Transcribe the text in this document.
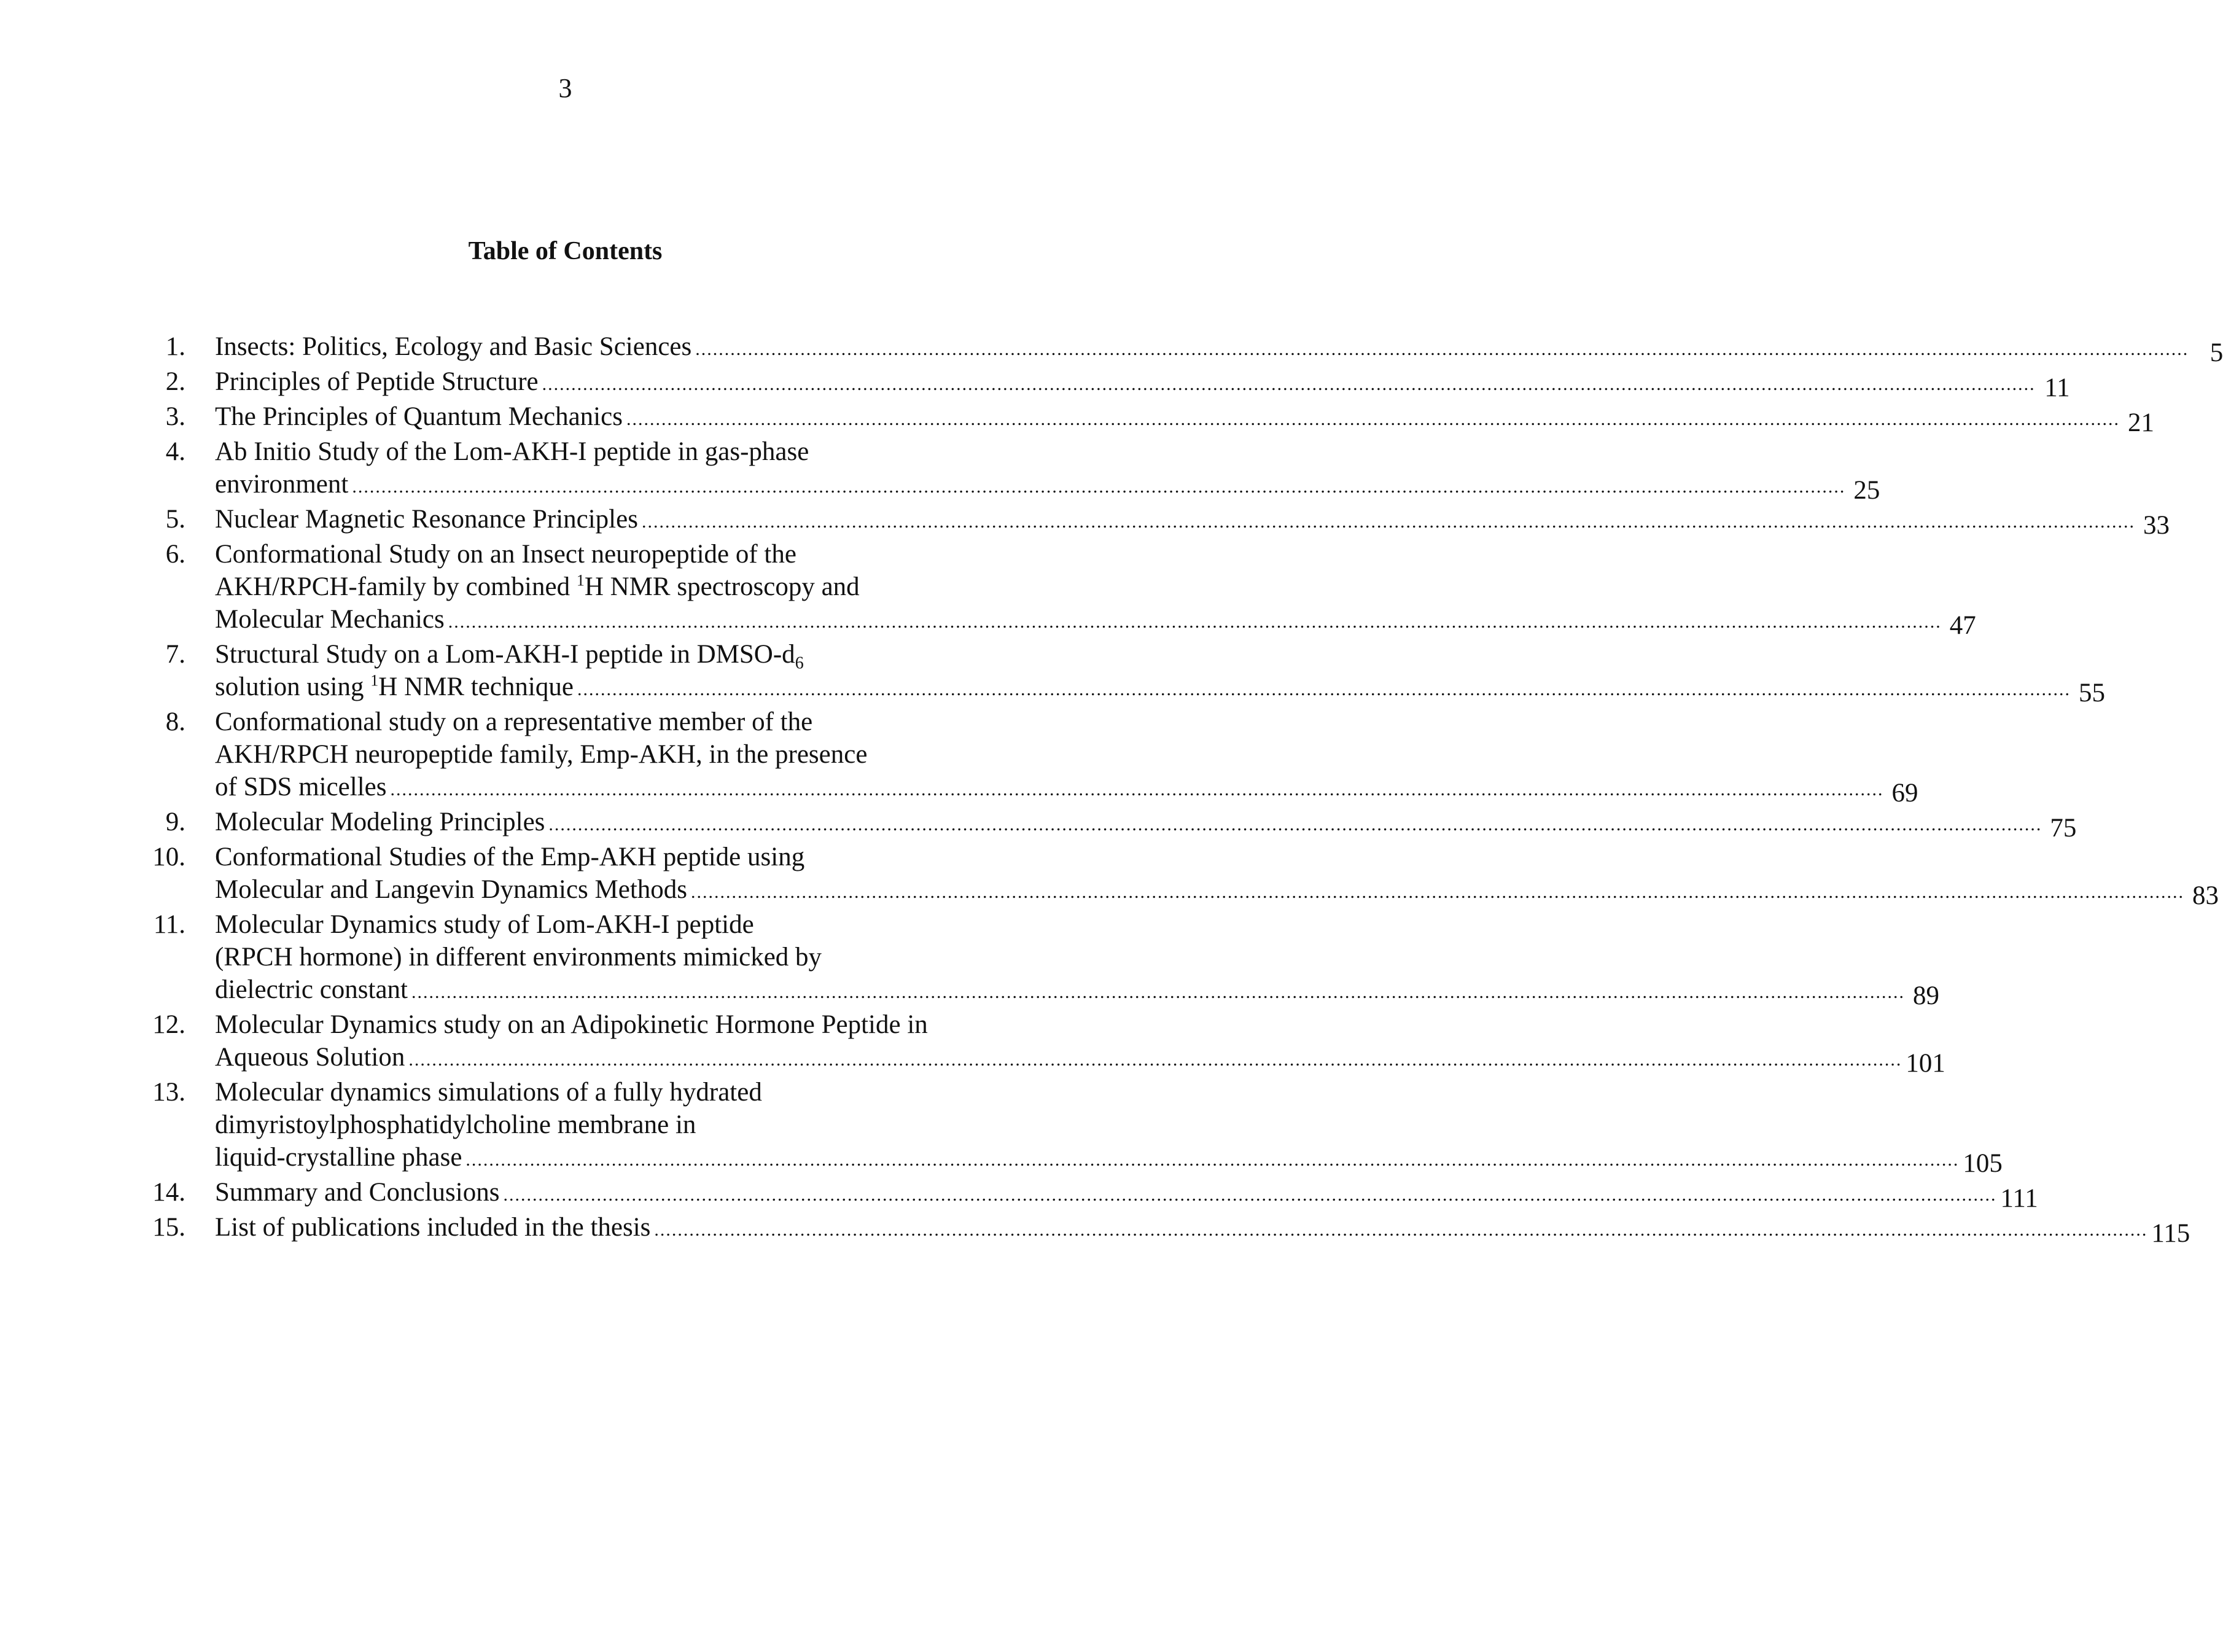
3
Table of Contents
1. Insects: Politics, Ecology and Basic Sciences .....	5
2. Principles of Peptide Structure .....	11
3. The Principles of Quantum Mechanics .....	21
4. Ab Initio Study of the Lom-AKH-I peptide in gas-phase
environment .....	25
5. Nuclear Magnetic Resonance Principles .....	33
6. Conformational Study on an Insect neuropeptide of the
AKH/RPCH-family by combined $^1$H NMR spectroscopy and
Molecular Mechanics .....	47
7. Structural Study on a Lom-AKH-I peptide in DMSO-$d_6$
solution using $^1$H NMR technique .....	55
8. Conformational study on a representative member of the
AKH/RPCH neuropeptide family, Emp-AKH, in the presence
of SDS micelles .....	69
9. Molecular Modeling Principles .....	75
10. Conformational Studies of the Emp-AKH peptide using
Molecular and Langevin Dynamics Methods .....	83
11. Molecular Dynamics study of Lom-AKH-I peptide
(RPCH hormone) in different environments mimicked by
dielectric constant .....	89
12. Molecular Dynamics study on an Adipokinetic Hormone Peptide in
Aqueous Solution .....	101
13. Molecular dynamics simulations of a fully hydrated
dimyristoylphosphatidylcholine membrane in
liquid-crystalline phase .....	105
14. Summary and Conclusions .....	111
15. List of publications included in the thesis .....	115
